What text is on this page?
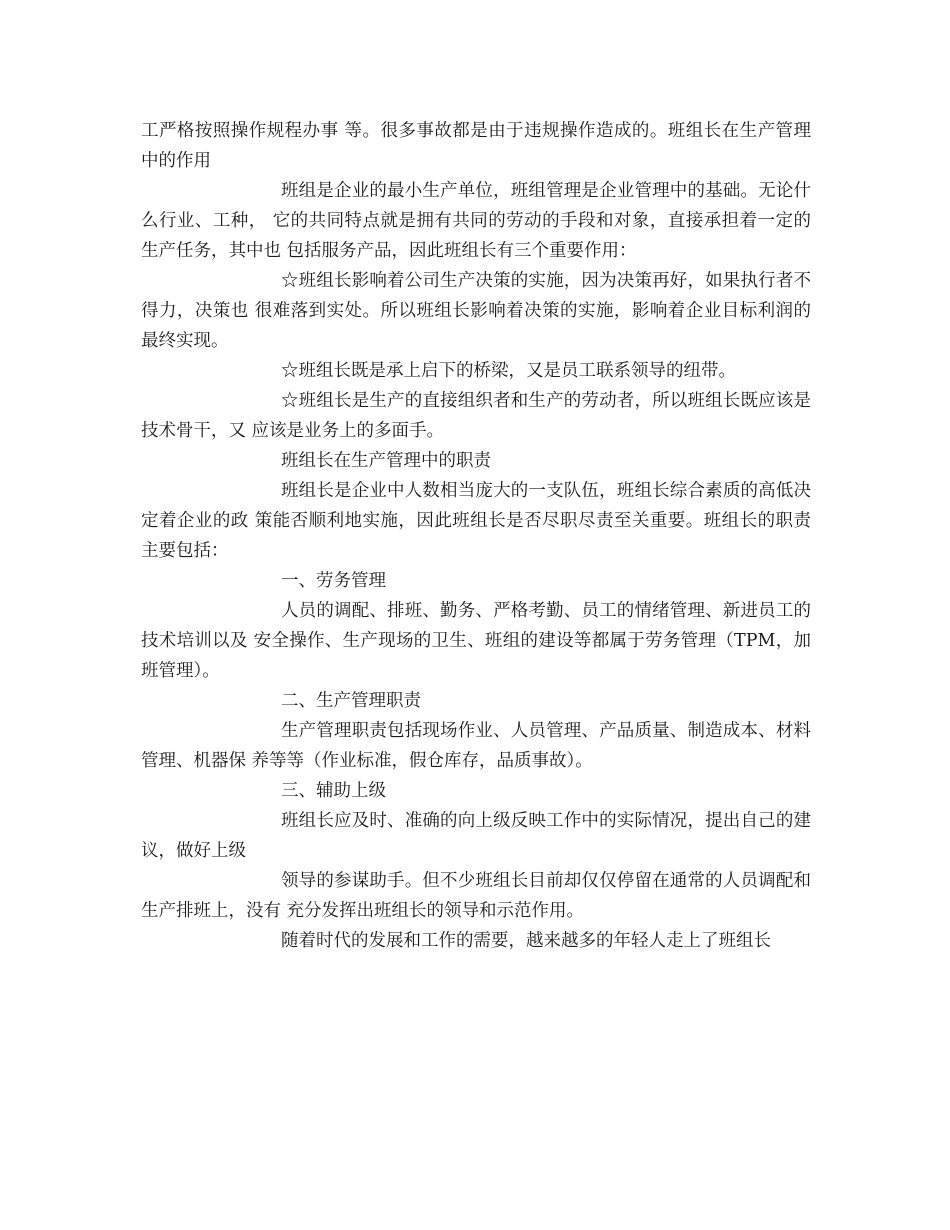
工严格按照操作规程办事 等。很多事故都是由于违规操作造成的。班组长在生产管理中的作用

班组是企业的最小生产单位，班组管理是企业管理中的基础。无论什么行业、工种， 它的共同特点就是拥有共同的劳动的手段和对象，直接承担着一定的生产任务，其中也 包括服务产品，因此班组长有三个重要作用：

☆班组长影响着公司生产决策的实施，因为决策再好，如果执行者不得力，决策也 很难落到实处。所以班组长影响着决策的实施，影响着企业目标利润的最终实现。

☆班组长既是承上启下的桥梁，又是员工联系领导的纽带。

☆班组长是生产的直接组织者和生产的劳动者，所以班组长既应该是技术骨干，又 应该是业务上的多面手。

班组长在生产管理中的职责

班组长是企业中人数相当庞大的一支队伍，班组长综合素质的高低决定着企业的政 策能否顺利地实施，因此班组长是否尽职尽责至关重要。班组长的职责主要包括：

一、劳务管理

人员的调配、排班、勤务、严格考勤、员工的情绪管理、新进员工的技术培训以及 安全操作、生产现场的卫生、班组的建设等都属于劳务管理（TPM，加班管理）。

二、生产管理职责

生产管理职责包括现场作业、人员管理、产品质量、制造成本、材料管理、机器保 养等等（作业标准，假仓库存，品质事故）。

三、辅助上级

班组长应及时、准确的向上级反映工作中的实际情况，提出自己的建议，做好上级

领导的参谋助手。但不少班组长目前却仅仅停留在通常的人员调配和生产排班上，没有 充分发挥出班组长的领导和示范作用。

随着时代的发展和工作的需要，越来越多的年轻人走上了班组长
